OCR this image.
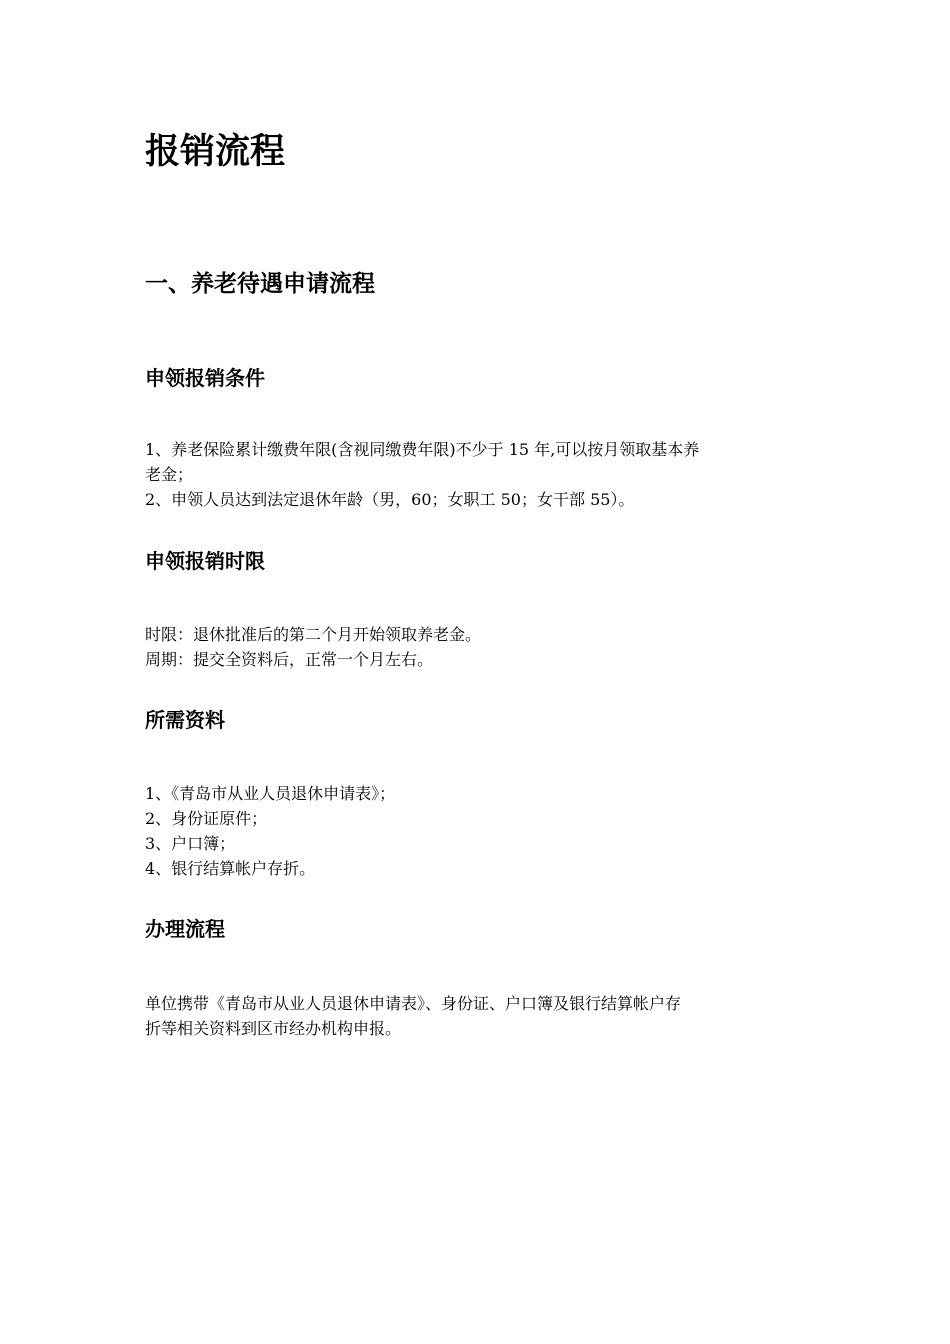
报销流程
一、养老待遇申请流程
申领报销条件

1、养老保险累计缴费年限(含视同缴费年限)不少于 15 年,可以按月领取基本养

老金；

2、申领人员达到法定退休年龄（男，60；女职工 50；女干部 55）。

申领报销时限

时限：退休批准后的第二个月开始领取养老金。

周期：提交全资料后，正常一个月左右。

所需资料

1、《青岛市从业人员退休申请表》；

2、身份证原件；

3、户口簿；

4、银行结算帐户存折。

办理流程

单位携带《青岛市从业人员退休申请表》、身份证、户口簿及银行结算帐户存

折等相关资料到区市经办机构申报。
